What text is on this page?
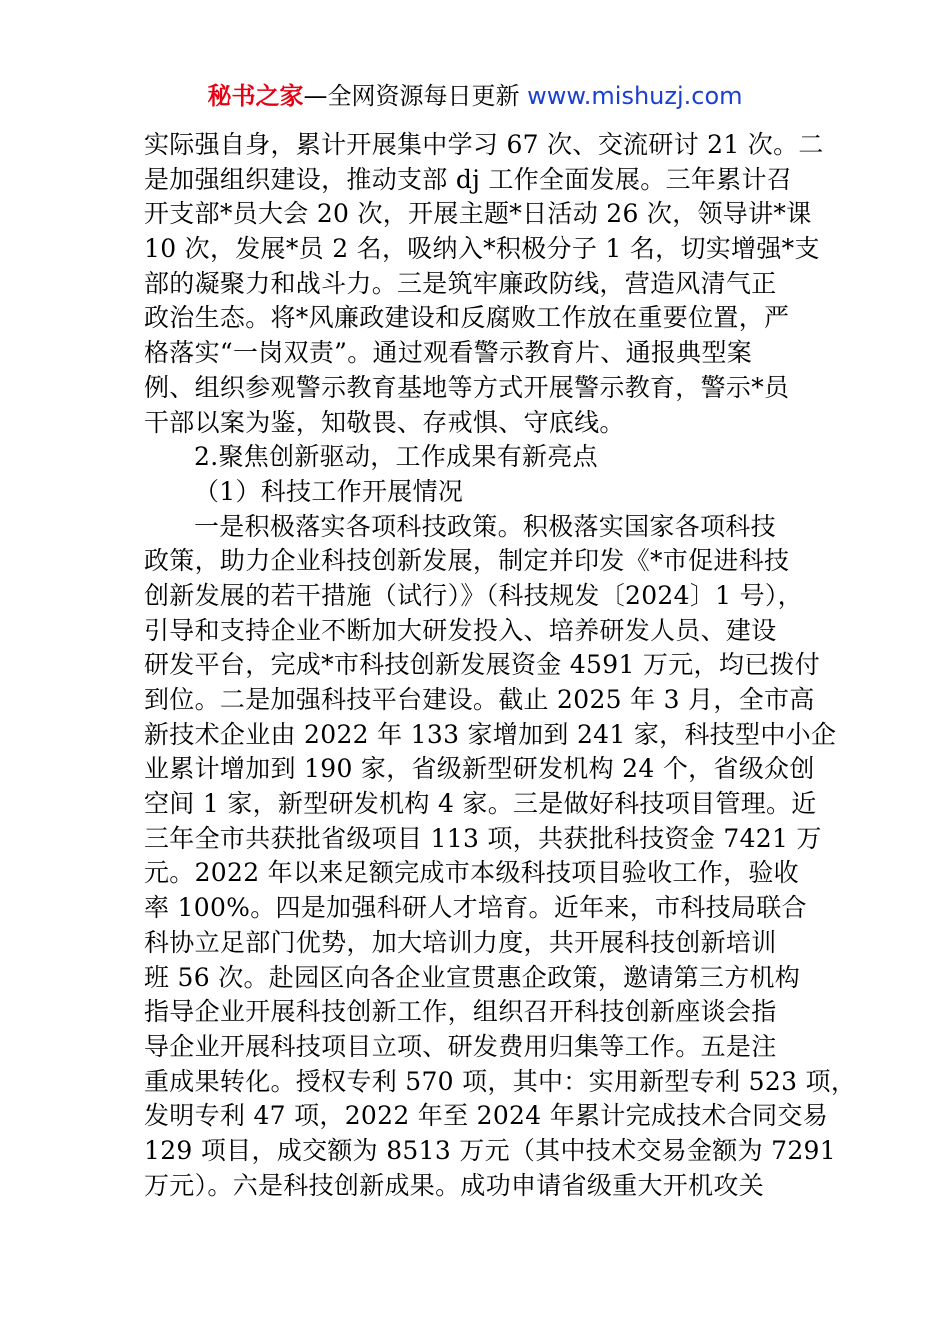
秘书之家—全网资源每日更新 www.mishuzj.com
实际强自身，累计开展集中学习 67 次、交流研讨 21 次。二
是加强组织建设，推动支部 dj 工作全面发展。三年累计召
开支部*员大会 20 次，开展主题*日活动 26 次，领导讲*课
10 次，发展*员 2 名，吸纳入*积极分子 1 名，切实增强*支
部的凝聚力和战斗力。三是筑牢廉政防线，营造风清气正
政治生态。将*风廉政建设和反腐败工作放在重要位置，严
格落实“一岗双责”。通过观看警示教育片、通报典型案
例、组织参观警示教育基地等方式开展警示教育，警示*员
干部以案为鉴，知敬畏、存戒惧、守底线。
2.聚焦创新驱动，工作成果有新亮点
（1）科技工作开展情况
一是积极落实各项科技政策。积极落实国家各项科技
政策，助力企业科技创新发展，制定并印发《*市促进科技
创新发展的若干措施（试行）》（科技规发〔2024〕1 号），
引导和支持企业不断加大研发投入、培养研发人员、建设
研发平台，完成*市科技创新发展资金 4591 万元，均已拨付
到位。二是加强科技平台建设。截止 2025 年 3 月，全市高
新技术企业由 2022 年 133 家增加到 241 家，科技型中小企
业累计增加到 190 家，省级新型研发机构 24 个，省级众创
空间 1 家，新型研发机构 4 家。三是做好科技项目管理。近
三年全市共获批省级项目 113 项，共获批科技资金 7421 万
元。2022 年以来足额完成市本级科技项目验收工作，验收
率 100%。四是加强科研人才培育。近年来，市科技局联合
科协立足部门优势，加大培训力度，共开展科技创新培训
班 56 次。赴园区向各企业宣贯惠企政策，邀请第三方机构
指导企业开展科技创新工作，组织召开科技创新座谈会指
导企业开展科技项目立项、研发费用归集等工作。五是注
重成果转化。授权专利 570 项，其中：实用新型专利 523 项，
发明专利 47 项，2022 年至 2024 年累计完成技术合同交易
129 项目，成交额为 8513 万元（其中技术交易金额为 7291
万元）。六是科技创新成果。成功申请省级重大开机攻关
